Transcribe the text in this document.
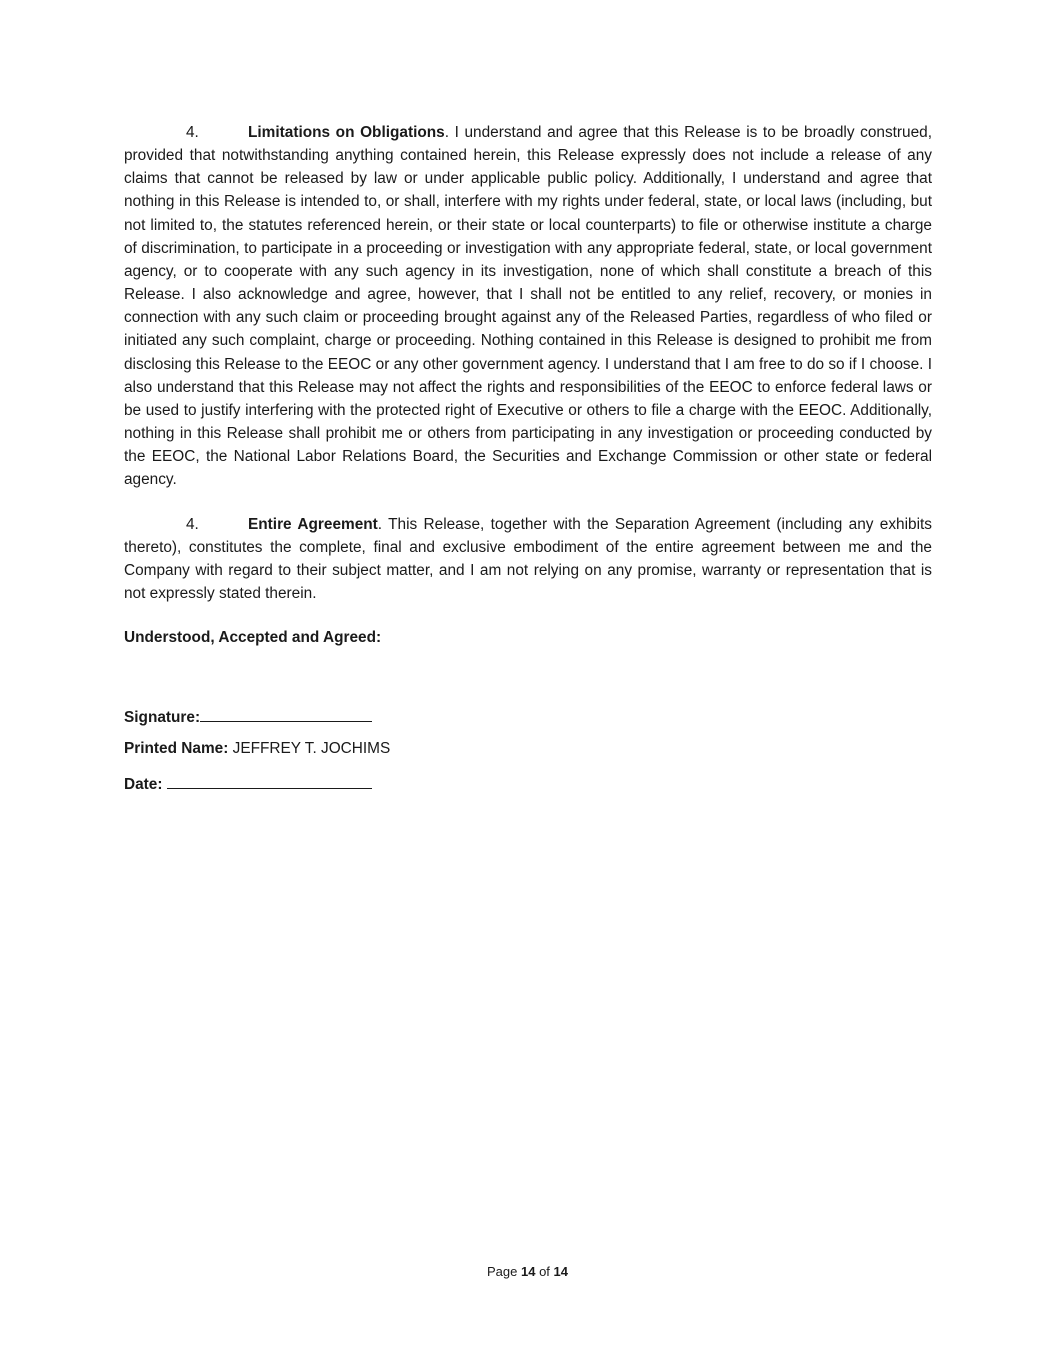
4.	Limitations on Obligations. I understand and agree that this Release is to be broadly construed, provided that notwithstanding anything contained herein, this Release expressly does not include a release of any claims that cannot be released by law or under applicable public policy. Additionally, I understand and agree that nothing in this Release is intended to, or shall, interfere with my rights under federal, state, or local laws (including, but not limited to, the statutes referenced herein, or their state or local counterparts) to file or otherwise institute a charge of discrimination, to participate in a proceeding or investigation with any appropriate federal, state, or local government agency, or to cooperate with any such agency in its investigation, none of which shall constitute a breach of this Release. I also acknowledge and agree, however, that I shall not be entitled to any relief, recovery, or monies in connection with any such claim or proceeding brought against any of the Released Parties, regardless of who filed or initiated any such complaint, charge or proceeding. Nothing contained in this Release is designed to prohibit me from disclosing this Release to the EEOC or any other government agency. I understand that I am free to do so if I choose. I also understand that this Release may not affect the rights and responsibilities of the EEOC to enforce federal laws or be used to justify interfering with the protected right of Executive or others to file a charge with the EEOC. Additionally, nothing in this Release shall prohibit me or others from participating in any investigation or proceeding conducted by the EEOC, the National Labor Relations Board, the Securities and Exchange Commission or other state or federal agency.

4.	Entire Agreement. This Release, together with the Separation Agreement (including any exhibits thereto), constitutes the complete, final and exclusive embodiment of the entire agreement between me and the Company with regard to their subject matter, and I am not relying on any promise, warranty or representation that is not expressly stated therein.

Understood, Accepted and Agreed:

Signature:
Printed Name: JEFFREY T. JOCHIMS
Date:
Page 14 of 14
